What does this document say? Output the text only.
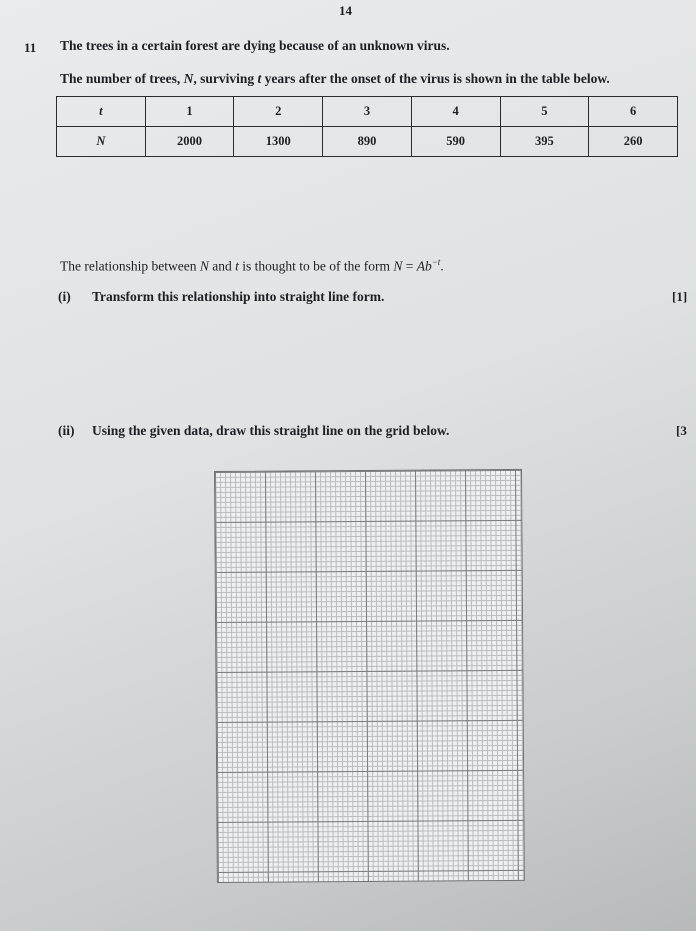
14
11 The trees in a certain forest are dying because of an unknown virus.
The number of trees, N, surviving t years after the onset of the virus is shown in the table below.
t	1	2	3	4	5	6
N	2000	1300	890	590	395	260
The relationship between N and t is thought to be of the form $N = Ab^{-t}$.
(i) Transform this relationship into straight line form.	[1]
(ii) Using the given data, draw this straight line on the grid below.	[3
